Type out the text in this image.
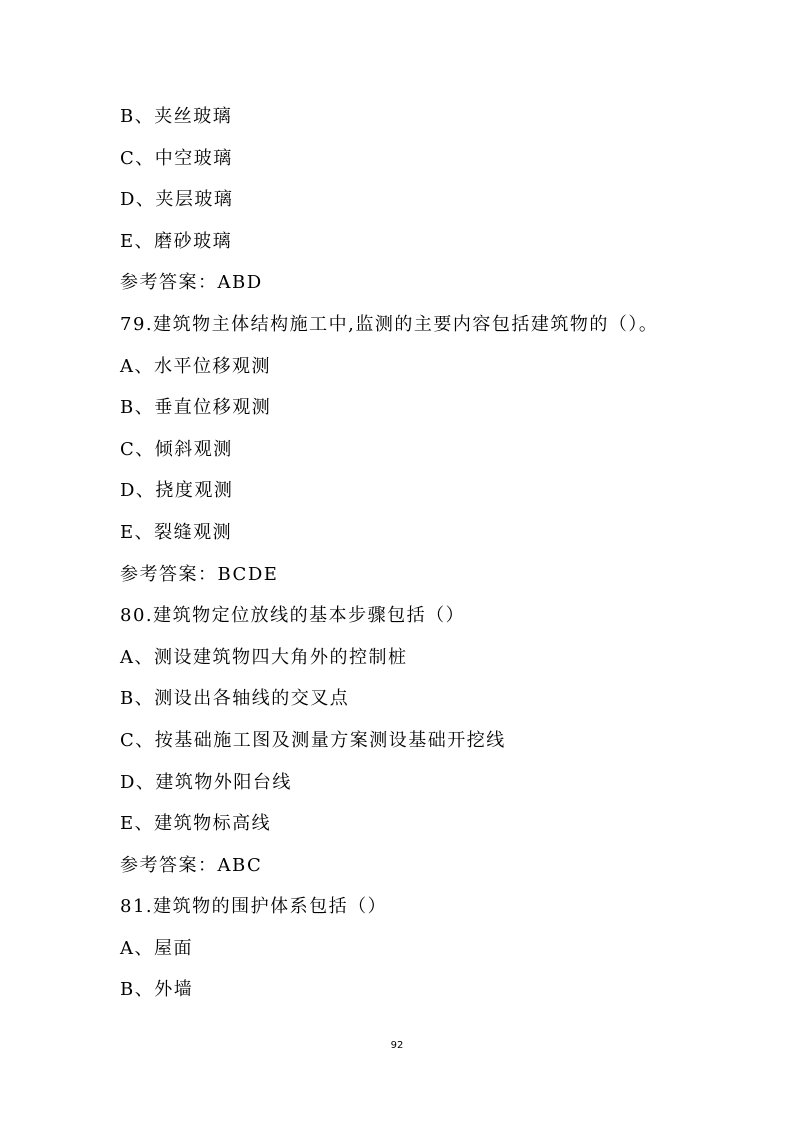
B、夹丝玻璃
C、中空玻璃
D、夹层玻璃
E、磨砂玻璃
参考答案：ABD
79.建筑物主体结构施工中,监测的主要内容包括建筑物的（）。
A、水平位移观测
B、垂直位移观测
C、倾斜观测
D、挠度观测
E、裂缝观测
参考答案：BCDE
80.建筑物定位放线的基本步骤包括（）
A、测设建筑物四大角外的控制桩
B、测设出各轴线的交叉点
C、按基础施工图及测量方案测设基础开挖线
D、建筑物外阳台线
E、建筑物标高线
参考答案：ABC
81.建筑物的围护体系包括（）
A、屋面
B、外墙
92
